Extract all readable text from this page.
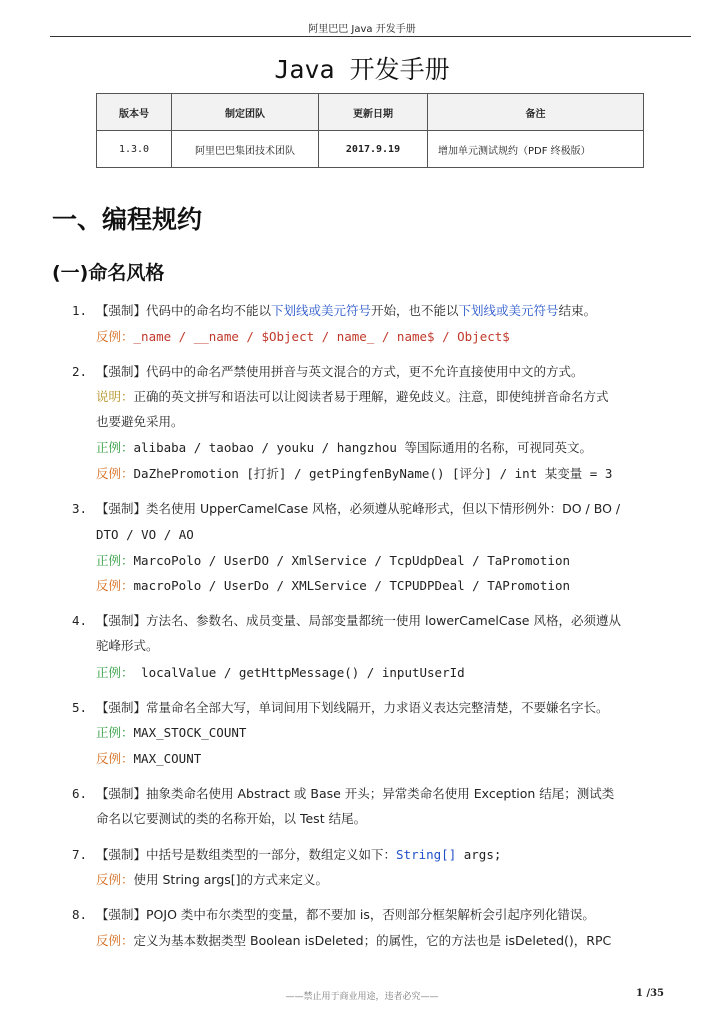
阿里巴巴 Java 开发手册
Java 开发手册
版本号	制定团队	更新日期	备注
1.3.0	阿里巴巴集团技术团队	2017.9.19	增加单元测试规约（PDF 终极版）
一、编程规约
(一)命名风格
1. 【强制】代码中的命名均不能以下划线或美元符号开始，也不能以下划线或美元符号结束。
反例：_name / __name / $Object / name_ / name$ / Object$
2. 【强制】代码中的命名严禁使用拼音与英文混合的方式，更不允许直接使用中文的方式。
说明：正确的英文拼写和语法可以让阅读者易于理解，避免歧义。注意，即使纯拼音命名方式
也要避免采用。
正例：alibaba / taobao / youku / hangzhou 等国际通用的名称，可视同英文。
反例：DaZhePromotion [打折] / getPingfenByName() [评分] / int 某变量 = 3
3. 【强制】类名使用 UpperCamelCase 风格，必须遵从驼峰形式，但以下情形例外：DO / BO /
DTO / VO / AO
正例：MarcoPolo / UserDO / XmlService / TcpUdpDeal / TaPromotion
反例：macroPolo / UserDo / XMLService / TCPUDPDeal / TAPromotion
4. 【强制】方法名、参数名、成员变量、局部变量都统一使用 lowerCamelCase 风格，必须遵从
驼峰形式。
正例： localValue / getHttpMessage() / inputUserId
5. 【强制】常量命名全部大写，单词间用下划线隔开，力求语义表达完整清楚，不要嫌名字长。
正例：MAX_STOCK_COUNT
反例：MAX_COUNT
6. 【强制】抽象类命名使用 Abstract 或 Base 开头；异常类命名使用 Exception 结尾；测试类
命名以它要测试的类的名称开始，以 Test 结尾。
7. 【强制】中括号是数组类型的一部分，数组定义如下：String[] args;
反例：使用 String args[]的方式来定义。
8. 【强制】POJO 类中布尔类型的变量，都不要加 is，否则部分框架解析会引起序列化错误。
反例：定义为基本数据类型 Boolean isDeleted；的属性，它的方法也是 isDeleted()，RPC
——禁止用于商业用途，违者必究——	1 /35
